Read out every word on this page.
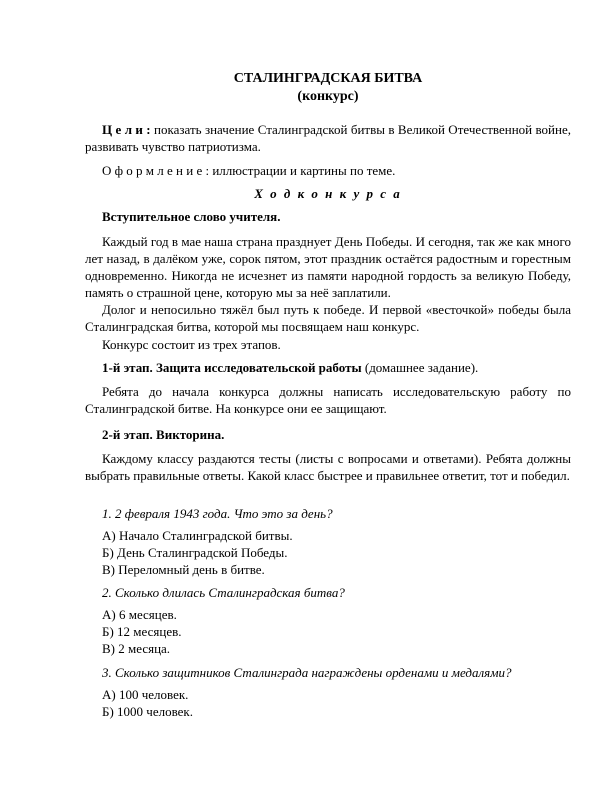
СТАЛИНГРАДСКАЯ БИТВА

(конкурс)

Ц е л и : показать значение Сталинградской битвы в Великой Отечественной войне, развивать чувство патриотизма.

О ф о р м л е н и е : иллюстрации и картины по теме.

Х о д к о н к у р с а

Вступительное слово учителя.

Каждый год в мае наша страна празднует День Победы. И сегодня, так же как много лет назад, в далёком уже, сорок пятом, этот праздник остаётся радостным и горестным одновременно. Никогда не исчезнет из памяти народной гордость за великую Победу, память о страшной цене, которую мы за неё заплатили.

Долог и непосильно тяжёл был путь к победе. И первой «весточкой» победы была Сталинградская битва, которой мы посвящаем наш конкурс.

Конкурс состоит из трех этапов.

1-й этап. Защита исследовательской работы (домашнее задание).

Ребята до начала конкурса должны написать исследовательскую работу по Сталинградской битве. На конкурсе они ее защищают.

2-й этап. Викторина.

Каждому классу раздаются тесты (листы с вопросами и ответами). Ребята должны выбрать правильные ответы. Какой класс быстрее и правильнее ответит, тот и победил.

1. 2 февраля 1943 года. Что это за день?

А) Начало Сталинградской битвы.

Б) День Сталинградской Победы.

В) Переломный день в битве.

2. Сколько длилась Сталинградская битва?

А) 6 месяцев.

Б) 12 месяцев.

В) 2 месяца.

3. Сколько защитников Сталинграда награждены орденами и медалями?

А) 100 человек.

Б) 1000 человек.
